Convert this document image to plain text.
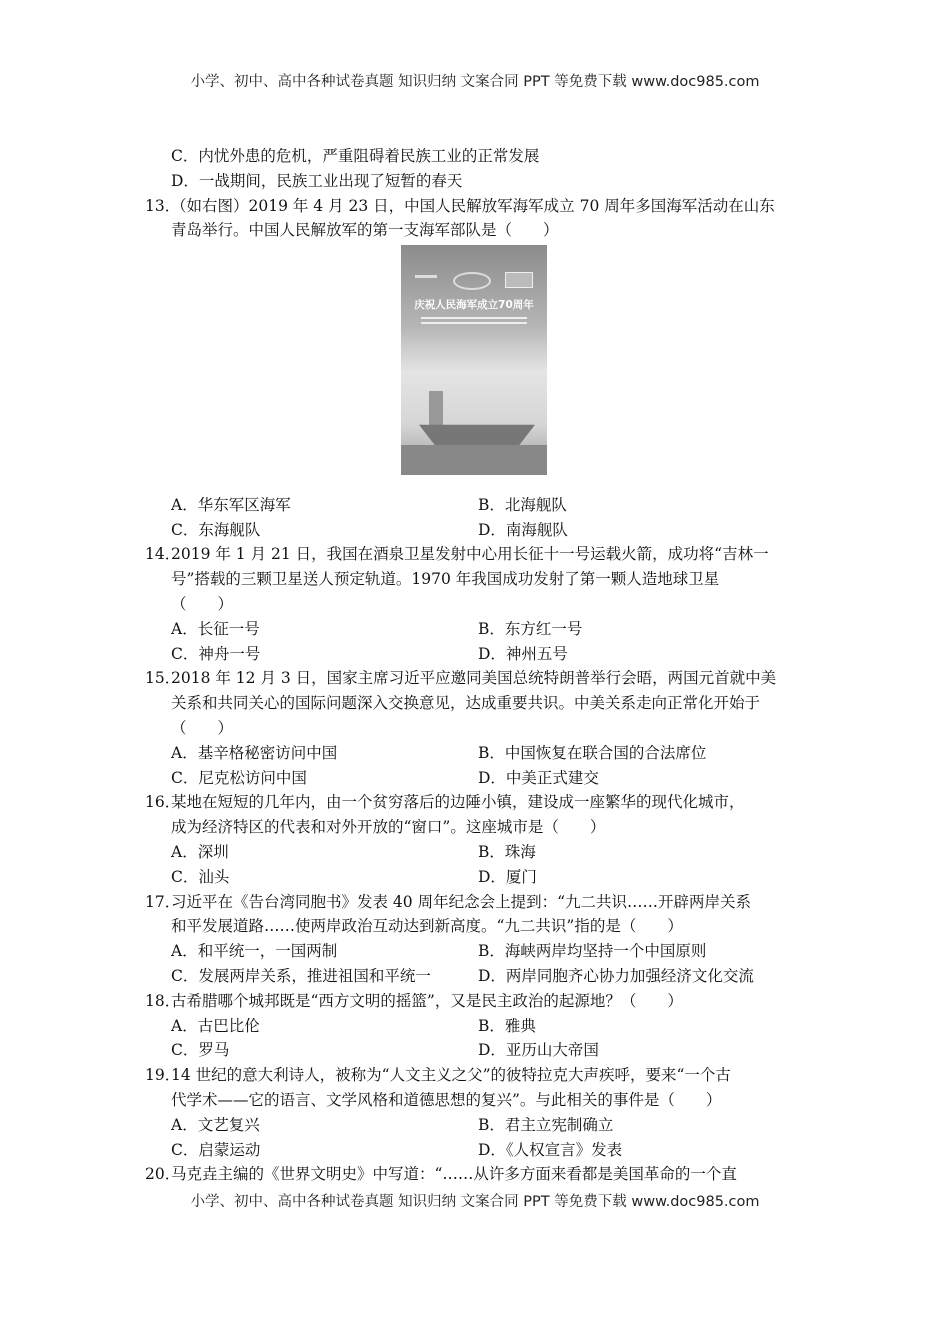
小学、初中、高中各种试卷真题 知识归纳 文案合同 PPT 等免费下载 www.doc985.com
C．内忧外患的危机，严重阻碍着民族工业的正常发展
D．一战期间，民族工业出现了短暂的春天
13．（如右图）2019 年 4 月 23 日，中国人民解放军海军成立 70 周年多国海军活动在山东
青岛举行。中国人民解放军的第一支海军部队是（　　）
庆祝人民海军成立70周年
A．华东军区海军	B．北海舰队
C．东海舰队	D．南海舰队
14．2019 年 1 月 21 日，我国在酒泉卫星发射中心用长征十一号运载火箭，成功将“吉林一
号”搭载的三颗卫星送人预定轨道。1970 年我国成功发射了第一颗人造地球卫星
（　　）
A．长征一号	B．东方红一号
C．神舟一号	D．神州五号
15．2018 年 12 月 3 日，国家主席习近平应邀同美国总统特朗普举行会晤，两国元首就中美
关系和共同关心的国际问题深入交换意见，达成重要共识。中美关系走向正常化开始于
（　　）
A．基辛格秘密访问中国	B．中国恢复在联合国的合法席位
C．尼克松访问中国	D．中美正式建交
16．某地在短短的几年内，由一个贫穷落后的边陲小镇，建设成一座繁华的现代化城市，
成为经济特区的代表和对外开放的“窗口”。这座城市是（　　）
A．深圳	B．珠海
C．汕头	D．厦门
17．习近平在《告台湾同胞书》发表 40 周年纪念会上提到：“九二共识……开辟两岸关系
和平发展道路……使两岸政治互动达到新高度。“九二共识”指的是（　　）
A．和平统一，一国两制	B．海峡两岸均坚持一个中国原则
C．发展两岸关系，推进祖国和平统一	D．两岸同胞齐心协力加强经济文化交流
18．古希腊哪个城邦既是“西方文明的摇篮”，又是民主政治的起源地？（　　）
A．古巴比伦	B．雅典
C．罗马	D．亚历山大帝国
19．14 世纪的意大利诗人，被称为“人文主义之父”的彼特拉克大声疾呼，要来“一个古
代学术——它的语言、文学风格和道德思想的复兴”。与此相关的事件是（　　）
A．文艺复兴	B．君主立宪制确立
C．启蒙运动	D．《人权宣言》发表
20．马克垚主编的《世界文明史》中写道：“……从许多方面来看都是美国革命的一个直
小学、初中、高中各种试卷真题 知识归纳 文案合同 PPT 等免费下载 www.doc985.com
